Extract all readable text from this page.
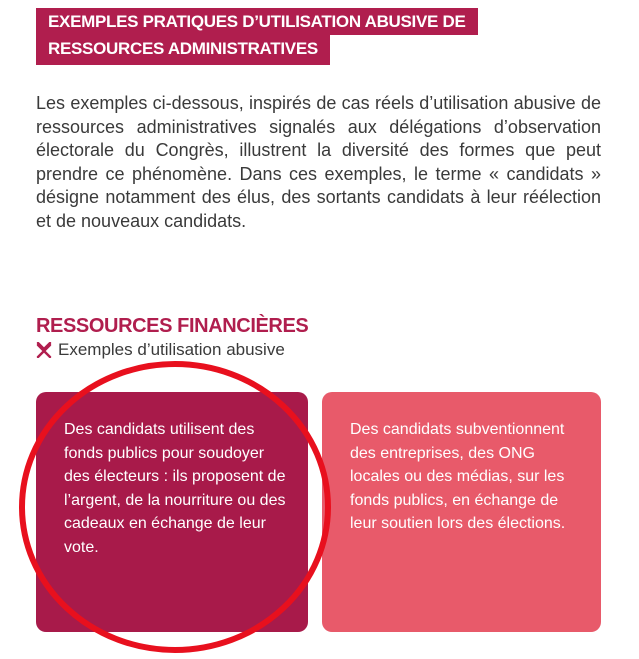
EXEMPLES PRATIQUES D’UTILISATION ABUSIVE DE
RESSOURCES ADMINISTRATIVES

Les exemples ci-dessous, inspirés de cas réels d’utilisation abusive de ressources administratives signalés aux délégations d’observation électorale du Congrès, illustrent la diversité des formes que peut prendre ce phénomène. Dans ces exemples, le terme « candidats » désigne notamment des élus, des sortants candidats à leur réélection et de nouveaux candidats.

RESSOURCES FINANCIÈRES
Exemples d’utilisation abusive

Des candidats utilisent des fonds publics pour soudoyer des électeurs : ils proposent de l’argent, de la nourriture ou des cadeaux en échange de leur vote.

Des candidats subventionnent des entreprises, des ONG locales ou des médias, sur les fonds publics, en échange de leur soutien lors des élections.
